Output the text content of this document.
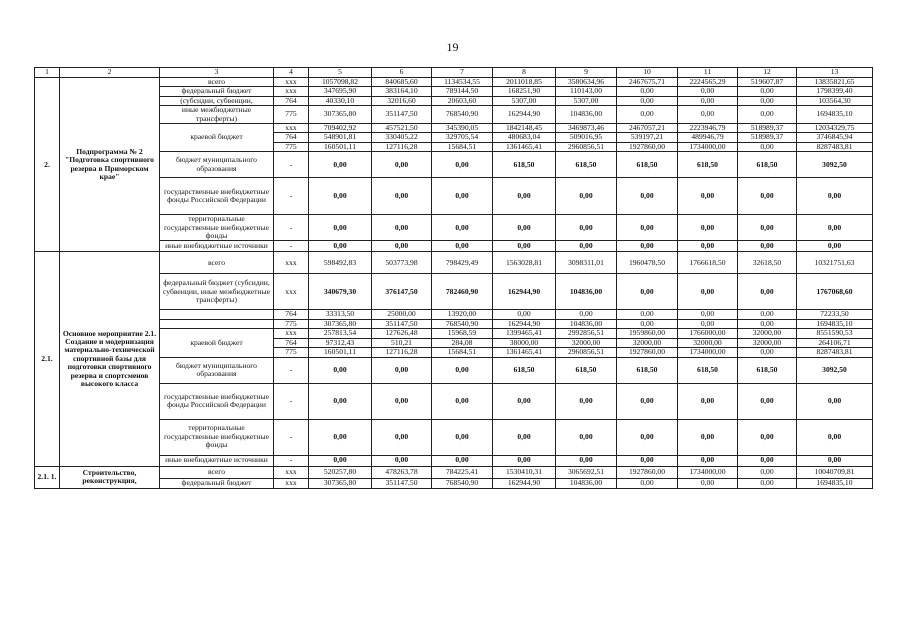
19
1	2	3	4	5	6	7	8	9	10	11	12	13
2.	Подпрограмма № 2 "Подготовка спортивного резерва в Приморском крае"	всего	ххх	1057098,82	840685,60	1134534,55	2011018,85	3580634,96	2467675,71	2224565,29	519607,87	13835821,65
		федеральный бюджет	ххх	347695,90	383164,10	789144,50	168251,90	110143,00	0,00	0,00	0,00	1798399,40
		(субсидии, субвенции,	764	40330,10	32016,60	20603,60	5307,00	5307,00	0,00	0,00	0,00	103564,30
		иные межбюджетные трансферты)	775	307365,80	351147,50	768540,90	162944,90	104836,00	0,00	0,00	0,00	1694835,10
		краевой бюджет	ххх	709402,92	457521,50	345390,05	1842148,45	3469873,46	2467057,21	2223946,79	518989,37	12034329,75
			764	548901,81	330405,22	329705,54	480683,04	509016,95	539197,21	489946,79	518989,37	3746845,94
			775	160501,11	127116,28	15684,51	1361465,41	2960856,51	1927860,00	1734000,00	0,00	8287483,81
		бюджет муниципального образования	-	0,00	0,00	0,00	618,50	618,50	618,50	618,50	618,50	3092,50
		государственные внебюджетные фонды Российской Федерации	-	0,00	0,00	0,00	0,00	0,00	0,00	0,00	0,00	0,00
		территориальные государственные внебюджетные фонды	-	0,00	0,00	0,00	0,00	0,00	0,00	0,00	0,00	0,00
		иные внебюджетные источники	-	0,00	0,00	0,00	0,00	0,00	0,00	0,00	0,00	0,00
2.1.	Основное мероприятие 2.1. Создание и модернизация материально-технической спортивной базы для подготовки спортивного резерва и спортсменов высокого класса	всего	ххх	598492,83	503773,98	798429,49	1563028,81	3098311,01	1960478,50	1766618,50	32618,50	10321751,63
		федеральный бюджет (субсидии, субвенции, иные межбюджетные трансферты)	ххх	340679,30	376147,50	782460,90	162944,90	104836,00	0,00	0,00	0,00	1767068,60
			764	33313,50	25000,00	13920,00	0,00	0,00	0,00	0,00	0,00	72233,50
			775	307365,80	351147,50	768540,90	162944,90	104836,00	0,00	0,00	0,00	1694835,10
		краевой бюджет	ххх	257813,54	127626,48	15968,59	1399465,41	2992856,51	1959860,00	1766000,00	32000,00	8551590,53
			764	97312,43	510,21	284,08	38000,00	32000,00	32000,00	32000,00	32000,00	264106,71
			775	160501,11	127116,28	15684,51	1361465,41	2960856,51	1927860,00	1734000,00	0,00	8287483,81
		бюджет муниципального образования	-	0,00	0,00	0,00	618,50	618,50	618,50	618,50	618,50	3092,50
		государственные внебюджетные фонды Российской Федерации	-	0,00	0,00	0,00	0,00	0,00	0,00	0,00	0,00	0,00
		территориальные государственные внебюджетные фонды	-	0,00	0,00	0,00	0,00	0,00	0,00	0,00	0,00	0,00
		иные внебюджетные источники	-	0,00	0,00	0,00	0,00	0,00	0,00	0,00	0,00	0,00
2.1. 1.	Строительство, реконструкция,	всего	ххх	520257,80	478263,78	784225,41	1530410,31	3065692,51	1927860,00	1734000,00	0,00	10040709,81
		федеральный бюджет	ххх	307365,80	351147,50	768540,90	162944,90	104836,00	0,00	0,00	0,00	1694835,10
